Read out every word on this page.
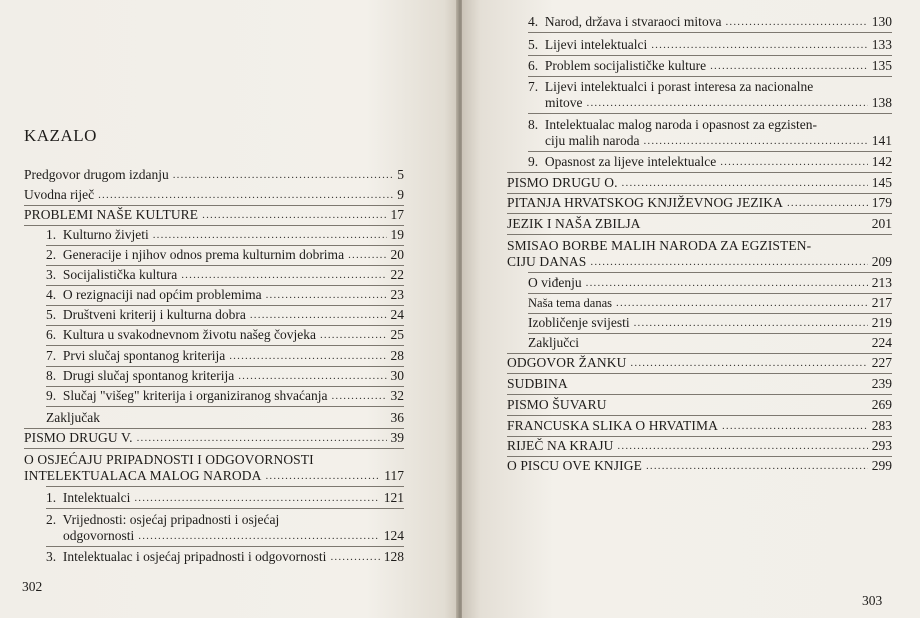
KAZALO
Predgovor drugom izdanju .....	5
Uvodna riječ .....	9
PROBLEMI NAŠE KULTURE .....	17
1. Kulturno živjeti .....	19
2. Generacije i njihov odnos prema kulturnim dobrima .....	20
3. Socijalistička kultura .....	22
4. O rezignaciji nad općim problemima .....	23
5. Društveni kriterij i kulturna dobra .....	24
6. Kultura u svakodnevnom životu našeg čovjeka .....	25
7. Prvi slučaj spontanog kriterija .....	28
8. Drugi slučaj spontanog kriterija .....	30
9. Slučaj "višeg" kriterija i organiziranog shvaćanja .....	32
Zaključak	36
PISMO DRUGU V. .....	39
O OSJEĆAJU PRIPADNOSTI I ODGOVORNOSTI
INTELEKTUALACA MALOG NARODA .....	117
1. Intelektualci .....	121
2. Vrijednosti: osjećaj pripadnosti i osjećaj
odgovornosti .....	124
3. Intelektualac i osjećaj pripadnosti i odgovornosti .....	128
302
4. Narod, država i stvaraoci mitova .....	130
5. Lijevi intelektualci .....	133
6. Problem socijalističke kulture .....	135
7. Lijevi intelektualci i porast interesa za nacionalne
mitove .....	138
8. Intelektualac malog naroda i opasnost za egzisten-
ciju malih naroda .....	141
9. Opasnost za lijeve intelektualce .....	142
PISMO DRUGU O. .....	145
PITANJA HRVATSKOG KNJIŽEVNOG JEZIKA .....	179
JEZIK I NAŠA ZBILJA	201
SMISAO BORBE MALIH NARODA ZA EGZISTEN-
CIJU DANAS .....	209
O viđenju .....	213
Naša tema danas .....	217
Izobličenje svijesti .....	219
Zaključci	224
ODGOVOR ŽANKU .....	227
SUDBINA	239
PISMO ŠUVARU	269
FRANCUSKA SLIKA O HRVATIMA .....	283
RIJEČ NA KRAJU .....	293
O PISCU OVE KNJIGE .....	299
303
